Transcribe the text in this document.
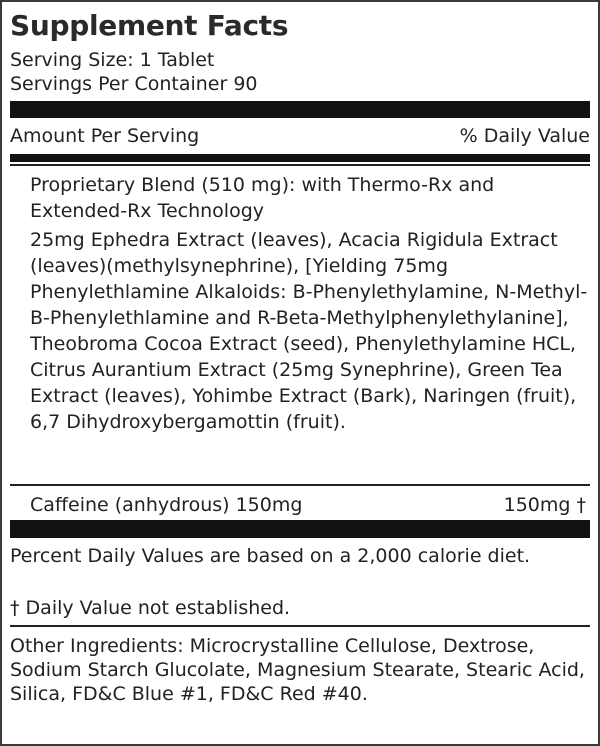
Supplement Facts
Serving Size: 1 Tablet
Servings Per Container 90
Amount Per Serving	% Daily Value
Proprietary Blend (510 mg): with Thermo-Rx and Extended-Rx Technology
25mg Ephedra Extract (leaves), Acacia Rigidula Extract (leaves)(methylsynephrine), [Yielding 75mg Phenylethlamine Alkaloids: B-Phenylethylamine, N-Methyl-B-Phenylethlamine and R-Beta-Methylphenylethylanine], Theobroma Cocoa Extract (seed), Phenylethylamine HCL, Citrus Aurantium Extract (25mg Synephrine), Green Tea Extract (leaves), Yohimbe Extract (Bark), Naringen (fruit), 6,7 Dihydroxybergamottin (fruit).
Caffeine (anhydrous) 150mg	150mg †
Percent Daily Values are based on a 2,000 calorie diet.
† Daily Value not established.
Other Ingredients: Microcrystalline Cellulose, Dextrose, Sodium Starch Glucolate, Magnesium Stearate, Stearic Acid, Silica, FD&C Blue #1, FD&C Red #40.
